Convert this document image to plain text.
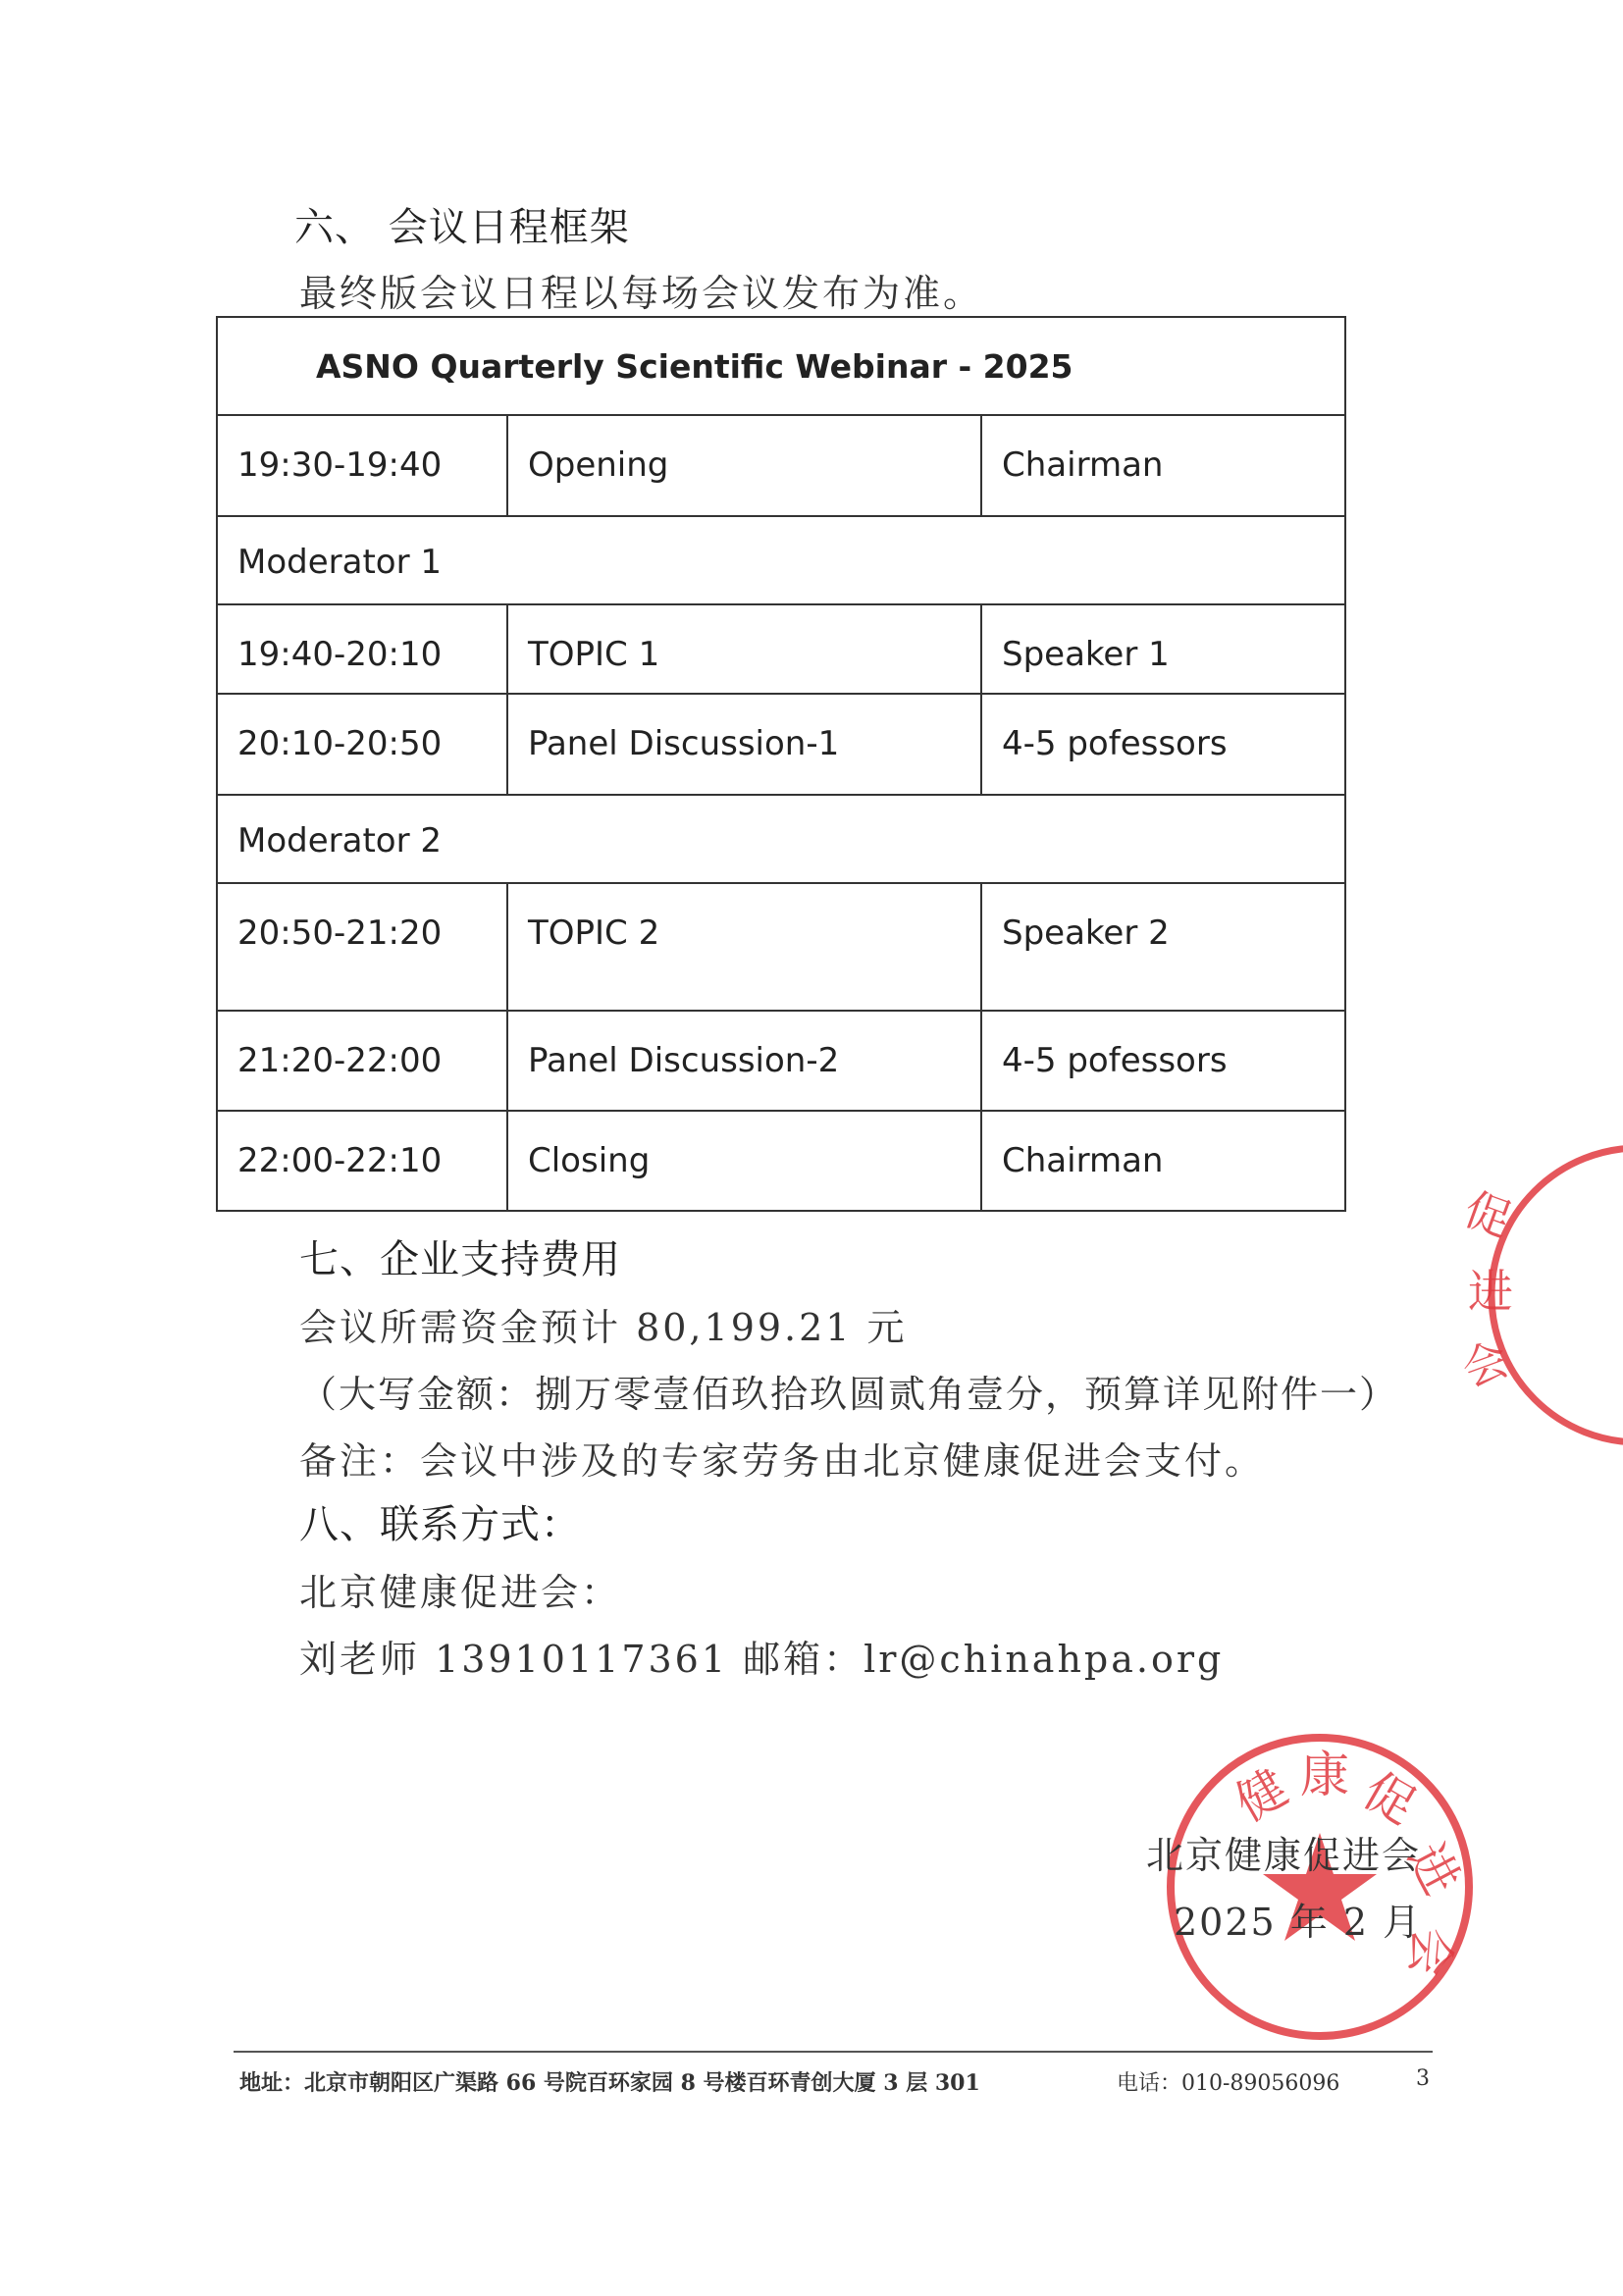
六、 会议日程框架
最终版会议日程以每场会议发布为准。
ASNO Quarterly Scientific Webinar - 2025
19:30-19:40	Opening	Chairman
Moderator 1
19:40-20:10	TOPIC 1	Speaker 1
20:10-20:50	Panel Discussion-1	4-5 pofessors
Moderator 2
20:50-21:20	TOPIC 2	Speaker 2
21:20-22:00	Panel Discussion-2	4-5 pofessors
22:00-22:10	Closing	Chairman
七、企业支持费用
会议所需资金预计 80,199.21 元
（大写金额：捌万零壹佰玖拾玖圆贰角壹分，预算详见附件一）
备注：会议中涉及的专家劳务由北京健康促进会支付。
八、联系方式：
北京健康促进会：
刘老师 13910117361 邮箱：lr@chinahpa.org
促
进
会
健 康 促
进
会
北京健康促进会
2025 年 2 月
地址：北京市朝阳区广渠路 66 号院百环家园 8 号楼百环青创大厦 3 层 301	电话：010-89056096	3
